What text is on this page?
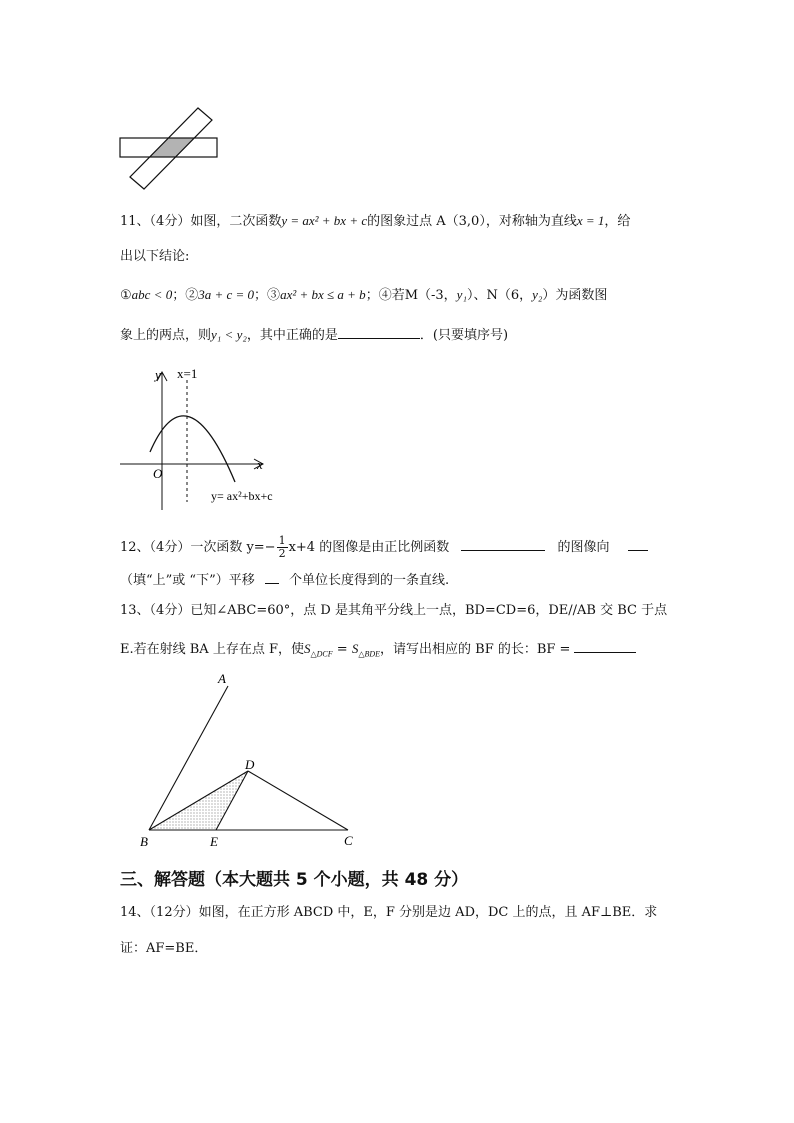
11、（4分）如图，二次函数y = ax² + bx + c的图象过点 A（3,0），对称轴为直线x = 1，给
出以下结论:
①abc < 0；②3a + c = 0；③ax² + bx ≤ a + b；④若M（-3，y₁）、N（6，y₂）为函数图
象上的两点，则y₁ < y₂，其中正确的是	．(只要填序号)
y x=1
x
O
y= ax²+bx+c
12、（4分）一次函数 $y=- \frac{1}{2} x+4$ 的图像是由正比例函数	的图像向
（填“上”或 “下”）平移	个单位长度得到的一条直线.
13、（4分）已知∠ABC=60°，点 D 是其角平分线上一点，BD=CD=6，DE//AB 交 BC 于点
E.若在射线 BA 上存在点 F，使$S_{\triangle DCF} = S_{\triangle BDE}$，请写出相应的 BF 的长：BF =
A
B	C
D
E
三、解答题（本大题共 5 个小题，共 48 分）
14、（12分）如图，在正方形 ABCD 中，E，F 分别是边 AD，DC 上的点，且 AF⊥BE．求
证：AF=BE．
